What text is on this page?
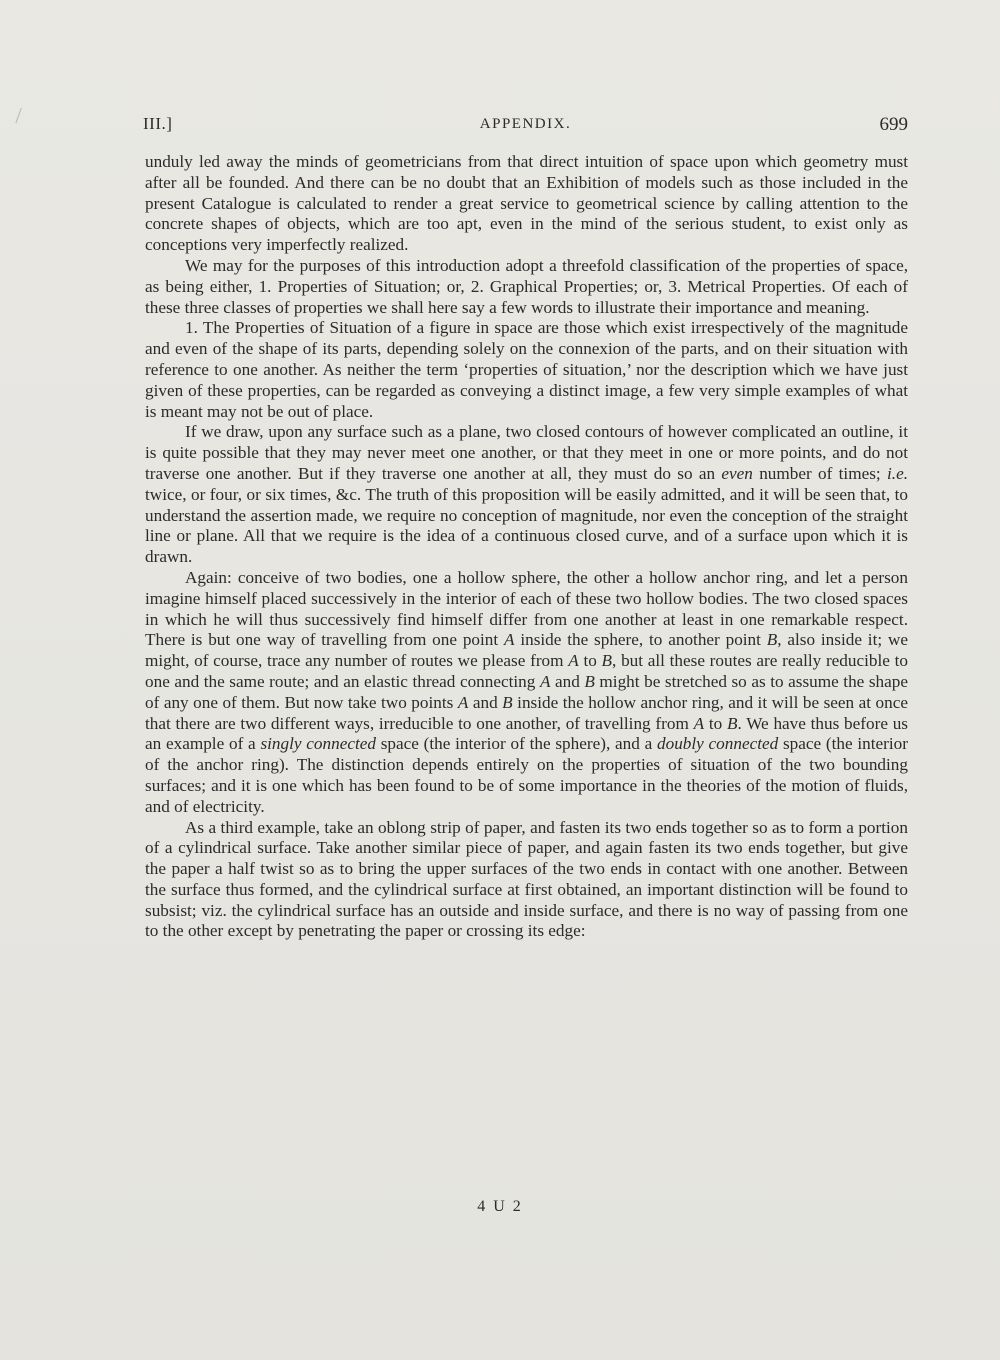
III.]	APPENDIX.	699

unduly led away the minds of geometricians from that direct intuition of space upon which geometry must after all be founded. And there can be no doubt that an Exhibition of models such as those included in the present Catalogue is calculated to render a great service to geometrical science by calling attention to the concrete shapes of objects, which are too apt, even in the mind of the serious student, to exist only as conceptions very imperfectly realized.

We may for the purposes of this introduction adopt a threefold classification of the properties of space, as being either, 1. Properties of Situation; or, 2. Graphical Properties; or, 3. Metrical Properties. Of each of these three classes of properties we shall here say a few words to illustrate their importance and meaning.

1. The Properties of Situation of a figure in space are those which exist irrespectively of the magnitude and even of the shape of its parts, depending solely on the connexion of the parts, and on their situation with reference to one another. As neither the term ‘properties of situation,’ nor the description which we have just given of these properties, can be regarded as conveying a distinct image, a few very simple examples of what is meant may not be out of place.

If we draw, upon any surface such as a plane, two closed contours of however complicated an outline, it is quite possible that they may never meet one another, or that they meet in one or more points, and do not traverse one another. But if they traverse one another at all, they must do so an even number of times; i.e. twice, or four, or six times, &c. The truth of this proposition will be easily admitted, and it will be seen that, to understand the assertion made, we require no conception of magnitude, nor even the conception of the straight line or plane. All that we require is the idea of a continuous closed curve, and of a surface upon which it is drawn.

Again: conceive of two bodies, one a hollow sphere, the other a hollow anchor ring, and let a person imagine himself placed successively in the interior of each of these two hollow bodies. The two closed spaces in which he will thus successively find himself differ from one another at least in one remarkable respect. There is but one way of travelling from one point A inside the sphere, to another point B, also inside it; we might, of course, trace any number of routes we please from A to B, but all these routes are really reducible to one and the same route; and an elastic thread connecting A and B might be stretched so as to assume the shape of any one of them. But now take two points A and B inside the hollow anchor ring, and it will be seen at once that there are two different ways, irreducible to one another, of travelling from A to B. We have thus before us an example of a singly connected space (the interior of the sphere), and a doubly connected space (the interior of the anchor ring). The distinction depends entirely on the properties of situation of the two bounding surfaces; and it is one which has been found to be of some importance in the theories of the motion of fluids, and of electricity.

As a third example, take an oblong strip of paper, and fasten its two ends together so as to form a portion of a cylindrical surface. Take another similar piece of paper, and again fasten its two ends together, but give the paper a half twist so as to bring the upper surfaces of the two ends in contact with one another. Between the surface thus formed, and the cylindrical surface at first obtained, an important distinction will be found to subsist; viz. the cylindrical surface has an outside and inside surface, and there is no way of passing from one to the other except by penetrating the paper or crossing its edge:

4 U 2
